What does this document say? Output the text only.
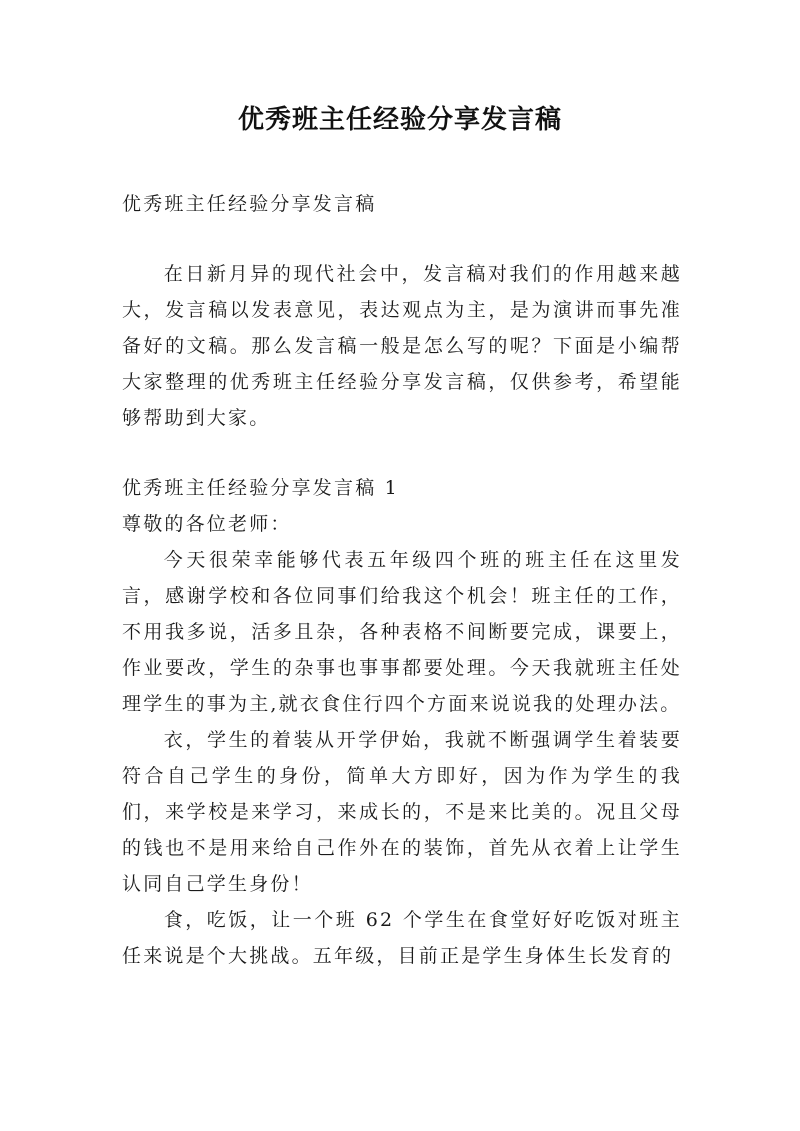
优秀班主任经验分享发言稿

优秀班主任经验分享发言稿

在日新月异的现代社会中，发言稿对我们的作用越来越大，发言稿以发表意见，表达观点为主，是为演讲而事先准备好的文稿。那么发言稿一般是怎么写的呢？下面是小编帮大家整理的优秀班主任经验分享发言稿，仅供参考，希望能够帮助到大家。

优秀班主任经验分享发言稿 1

尊敬的各位老师：

今天很荣幸能够代表五年级四个班的班主任在这里发言，感谢学校和各位同事们给我这个机会！班主任的工作，不用我多说，活多且杂，各种表格不间断要完成，课要上，作业要改，学生的杂事也事事都要处理。今天我就班主任处理学生的事为主,就衣食住行四个方面来说说我的处理办法。

衣，学生的着装从开学伊始，我就不断强调学生着装要符合自己学生的身份，简单大方即好，因为作为学生的我们，来学校是来学习，来成长的，不是来比美的。况且父母的钱也不是用来给自己作外在的装饰，首先从衣着上让学生认同自己学生身份！

食，吃饭，让一个班 62 个学生在食堂好好吃饭对班主任来说是个大挑战。五年级，目前正是学生身体生长发育的
